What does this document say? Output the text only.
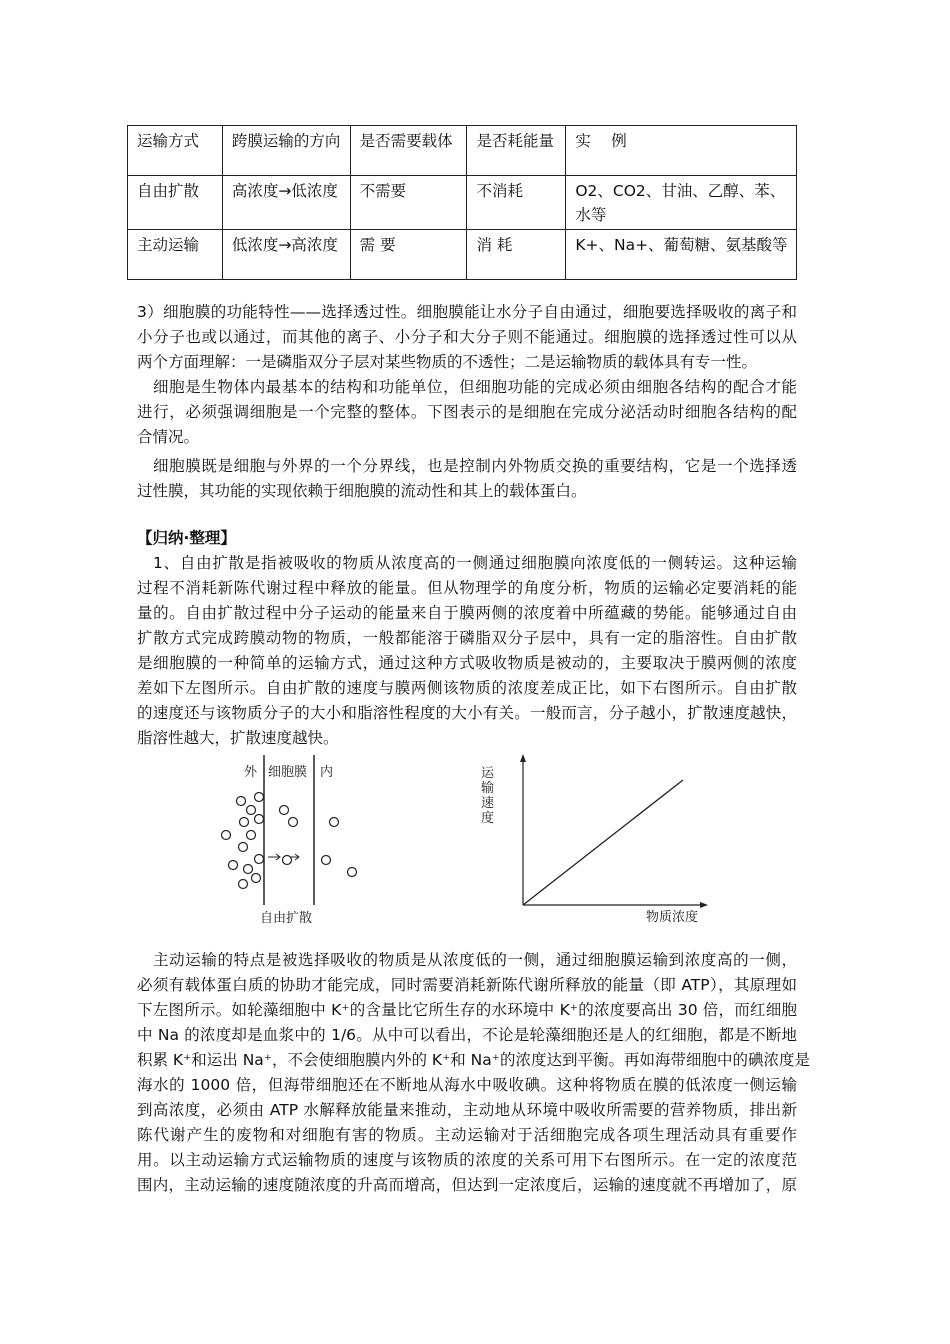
运输方式	跨膜运输的方向	是否需要载体	是否耗能量	实　 例
自由扩散	高浓度→低浓度	不需要	不消耗	O2、CO2、甘油、乙醇、苯、水等
主动运输	低浓度→高浓度	需 要	消 耗	K+、Na+、葡萄糖、氨基酸等
3）细胞膜的功能特性——选择透过性。细胞膜能让水分子自由通过，细胞要选择吸收的离子和
小分子也或以通过，而其他的离子、小分子和大分子则不能通过。细胞膜的选择透过性可以从
两个方面理解：一是磷脂双分子层对某些物质的不透性；二是运输物质的载体具有专一性。
细胞是生物体内最基本的结构和功能单位，但细胞功能的完成必须由细胞各结构的配合才能
进行，必须强调细胞是一个完整的整体。下图表示的是细胞在完成分泌活动时细胞各结构的配
合情况。
细胞膜既是细胞与外界的一个分界线，也是控制内外物质交换的重要结构，它是一个选择透
过性膜，其功能的实现依赖于细胞膜的流动性和其上的载体蛋白。
【归纳·整理】
1、自由扩散是指被吸收的物质从浓度高的一侧通过细胞膜向浓度低的一侧转运。这种运输
过程不消耗新陈代谢过程中释放的能量。但从物理学的角度分析，物质的运输必定要消耗的能
量的。自由扩散过程中分子运动的能量来自于膜两侧的浓度着中所蕴藏的势能。能够通过自由
扩散方式完成跨膜动物的物质，一般都能溶于磷脂双分子层中，具有一定的脂溶性。自由扩散
是细胞膜的一种简单的运输方式，通过这种方式吸收物质是被动的，主要取决于膜两侧的浓度
差如下左图所示。自由扩散的速度与膜两侧该物质的浓度差成正比，如下右图所示。自由扩散
的速度还与该物质分子的大小和脂溶性程度的大小有关。一般而言，分子越小，扩散速度越快，
脂溶性越大，扩散速度越快。
外 细胞膜 内
自由扩散	物质浓度
运输速度
主动运输的特点是被选择吸收的物质是从浓度低的一侧，通过细胞膜运输到浓度高的一侧，
必须有载体蛋白质的协助才能完成，同时需要消耗新陈代谢所释放的能量（即 ATP），其原理如
下左图所示。如轮藻细胞中 K⁺的含量比它所生存的水环境中 K⁺的浓度要高出 30 倍，而红细胞
中 Na 的浓度却是血浆中的 1/6。从中可以看出，不论是轮藻细胞还是人的红细胞，都是不断地
积累 K⁺和运出 Na⁺，不会使细胞膜内外的 K⁺和 Na⁺的浓度达到平衡。再如海带细胞中的碘浓度是
海水的 1000 倍，但海带细胞还在不断地从海水中吸收碘。这种将物质在膜的低浓度一侧运输
到高浓度，必须由 ATP 水解释放能量来推动，主动地从环境中吸收所需要的营养物质，排出新
陈代谢产生的废物和对细胞有害的物质。主动运输对于活细胞完成各项生理活动具有重要作
用。以主动运输方式运输物质的速度与该物质的浓度的关系可用下右图所示。在一定的浓度范
围内，主动运输的速度随浓度的升高而增高，但达到一定浓度后，运输的速度就不再增加了，原
